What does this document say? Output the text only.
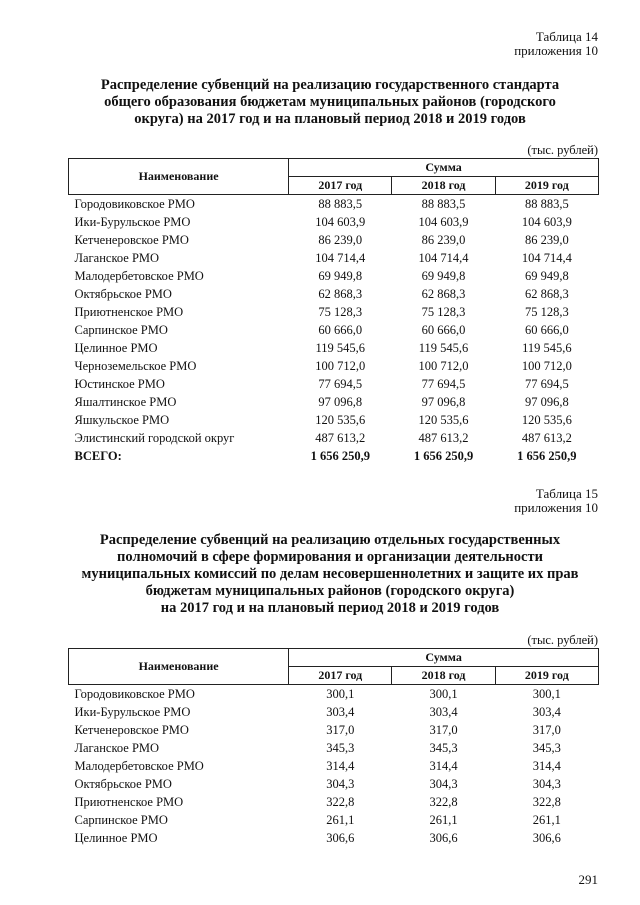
Таблица 14
приложения 10
Распределение субвенций на реализацию государственного стандарта
общего образования бюджетам муниципальных районов (городского
округа) на 2017 год и на плановый период 2018 и 2019 годов
(тыс. рублей)
Наименование	Сумма		
	2017 год	2018 год	2019 год
Городовиковское РМО	88 883,5	88 883,5	88 883,5
Ики-Бурульское РМО	104 603,9	104 603,9	104 603,9
Кетченеровское РМО	86 239,0	86 239,0	86 239,0
Лаганское РМО	104 714,4	104 714,4	104 714,4
Малодербетовское РМО	69 949,8	69 949,8	69 949,8
Октябрьское РМО	62 868,3	62 868,3	62 868,3
Приютненское РМО	75 128,3	75 128,3	75 128,3
Сарпинское РМО	60 666,0	60 666,0	60 666,0
Целинное РМО	119 545,6	119 545,6	119 545,6
Черноземельское РМО	100 712,0	100 712,0	100 712,0
Юстинское РМО	77 694,5	77 694,5	77 694,5
Яшалтинское РМО	97 096,8	97 096,8	97 096,8
Яшкульское РМО	120 535,6	120 535,6	120 535,6
Элистинский городской округ	487 613,2	487 613,2	487 613,2
ВСЕГО:	1 656 250,9	1 656 250,9	1 656 250,9
Таблица 15
приложения 10
Распределение субвенций на реализацию отдельных государственных
полномочий в сфере формирования и организации деятельности
муниципальных комиссий по делам несовершеннолетних и защите их прав
бюджетам муниципальных районов (городского округа)
на 2017 год и на плановый период 2018 и 2019 годов
(тыс. рублей)
Наименование	Сумма		
	2017 год	2018 год	2019 год
Городовиковское РМО	300,1	300,1	300,1
Ики-Бурульское РМО	303,4	303,4	303,4
Кетченеровское РМО	317,0	317,0	317,0
Лаганское РМО	345,3	345,3	345,3
Малодербетовское РМО	314,4	314,4	314,4
Октябрьское РМО	304,3	304,3	304,3
Приютненское РМО	322,8	322,8	322,8
Сарпинское РМО	261,1	261,1	261,1
Целинное РМО	306,6	306,6	306,6
291
